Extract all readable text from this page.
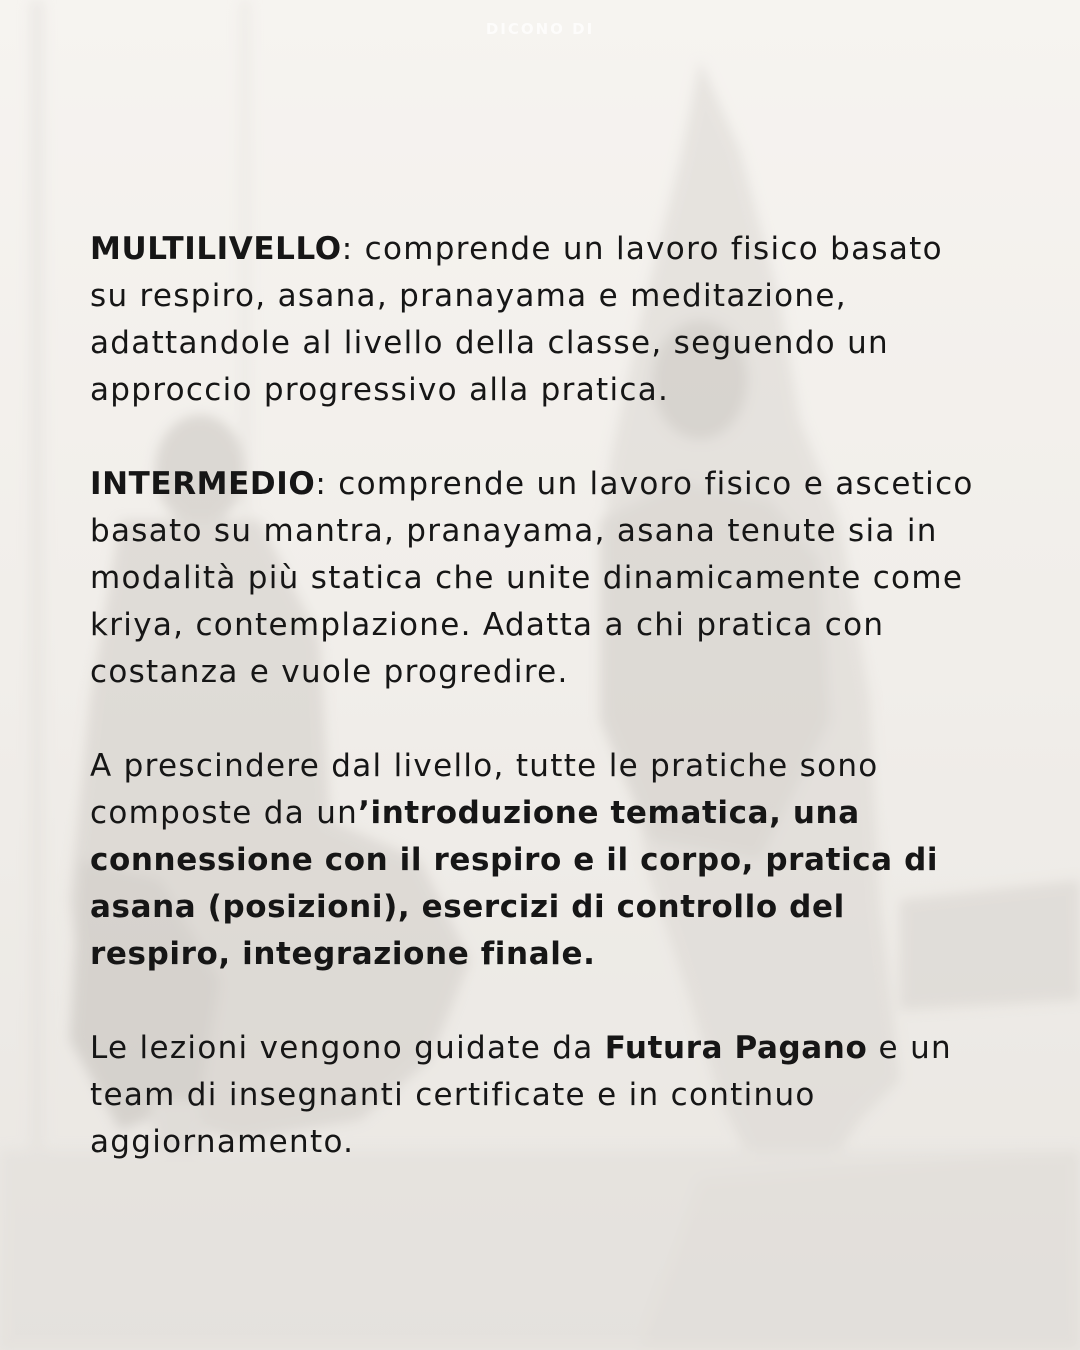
DICONO DI

MULTILIVELLO: comprende un lavoro fisico basato su respiro, asana, pranayama e meditazione, adattandole al livello della classe, seguendo un approccio progressivo alla pratica.

INTERMEDIO: comprende un lavoro fisico e ascetico basato su mantra, pranayama, asana tenute sia in modalità più statica che unite dinamicamente come kriya, contemplazione. Adatta a chi pratica con costanza e vuole progredire.

A prescindere dal livello, tutte le pratiche sono composte da un’introduzione tematica, una connessione con il respiro e il corpo, pratica di asana (posizioni), esercizi di controllo del respiro, integrazione finale.

Le lezioni vengono guidate da Futura Pagano e un team di insegnanti certificate e in continuo aggiornamento.
